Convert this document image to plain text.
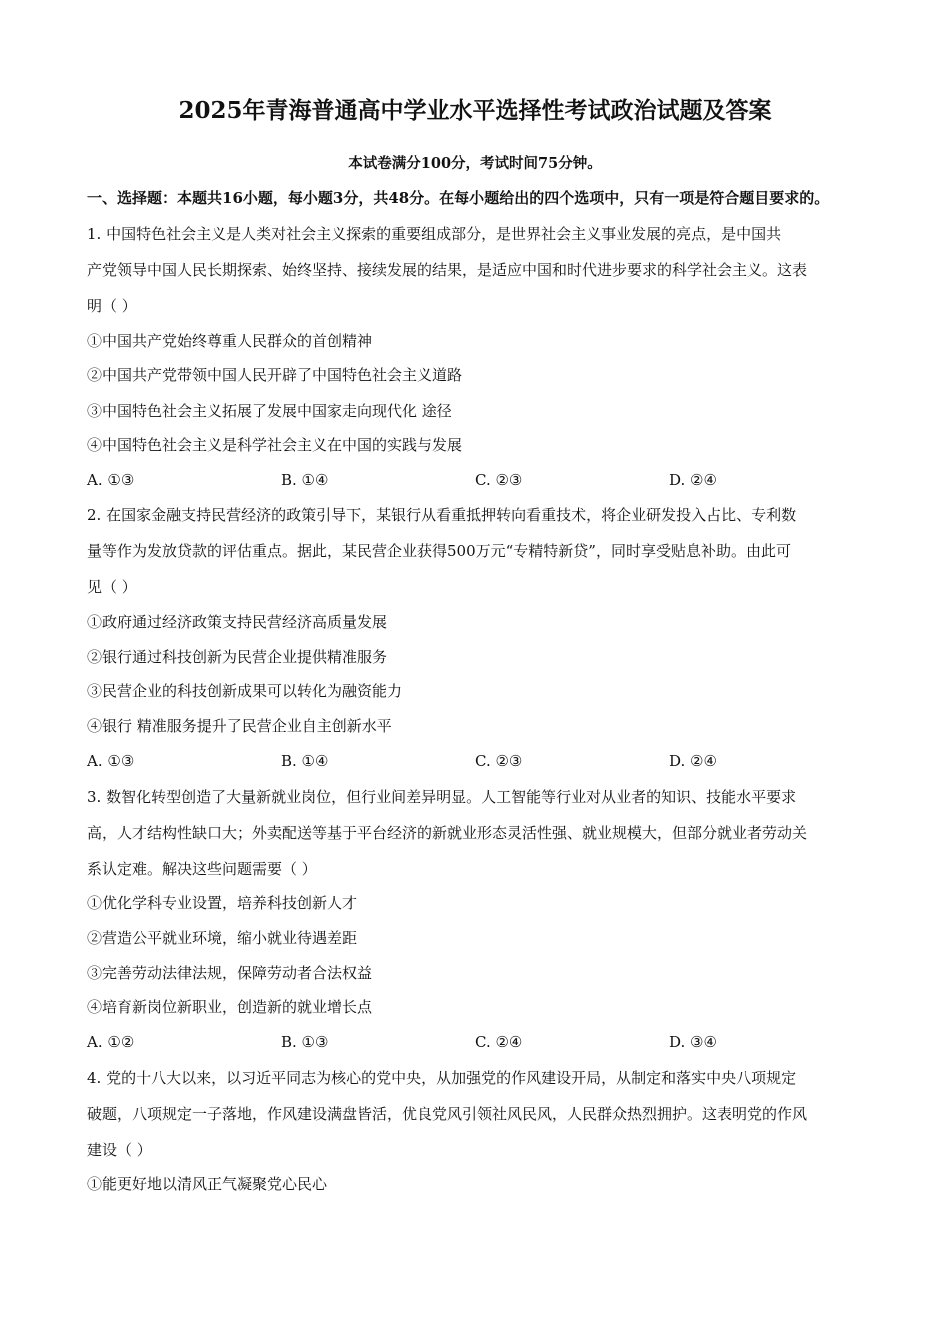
2025年青海普通高中学业水平选择性考试政治试题及答案
本试卷满分100分，考试时间75分钟。
一、选择题：本题共16小题，每小题3分，共48分。在每小题给出的四个选项中，只有一项是符合题目要求的。
1. 中国特色社会主义是人类对社会主义探索的重要组成部分，是世界社会主义事业发展的亮点，是中国共
产党领导中国人民长期探索、始终坚持、接续发展的结果，是适应中国和时代进步要求的科学社会主义。这表
明（ ）
①中国共产党始终尊重人民群众的首创精神
②中国共产党带领中国人民开辟了中国特色社会主义道路
③中国特色社会主义拓展了发展中国家走向现代化 途径
④中国特色社会主义是科学社会主义在中国的实践与发展
A. ①③	B. ①④	C. ②③	D. ②④
2. 在国家金融支持民营经济的政策引导下，某银行从看重抵押转向看重技术，将企业研发投入占比、专利数
量等作为发放贷款的评估重点。据此，某民营企业获得500万元“专精特新贷”，同时享受贴息补助。由此可
见（ ）
①政府通过经济政策支持民营经济高质量发展
②银行通过科技创新为民营企业提供精准服务
③民营企业的科技创新成果可以转化为融资能力
④银行 精准服务提升了民营企业自主创新水平
A. ①③	B. ①④	C. ②③	D. ②④
3. 数智化转型创造了大量新就业岗位，但行业间差异明显。人工智能等行业对从业者的知识、技能水平要求
高，人才结构性缺口大；外卖配送等基于平台经济的新就业形态灵活性强、就业规模大，但部分就业者劳动关
系认定难。解决这些问题需要（ ）
①优化学科专业设置，培养科技创新人才
②营造公平就业环境，缩小就业待遇差距
③完善劳动法律法规，保障劳动者合法权益
④培育新岗位新职业，创造新的就业增长点
A. ①②	B. ①③	C. ②④	D. ③④
4. 党的十八大以来，以习近平同志为核心的党中央，从加强党的作风建设开局，从制定和落实中央八项规定
破题，八项规定一子落地，作风建设满盘皆活，优良党风引领社风民风，人民群众热烈拥护。这表明党的作风
建设（ ）
①能更好地以清风正气凝聚党心民心
